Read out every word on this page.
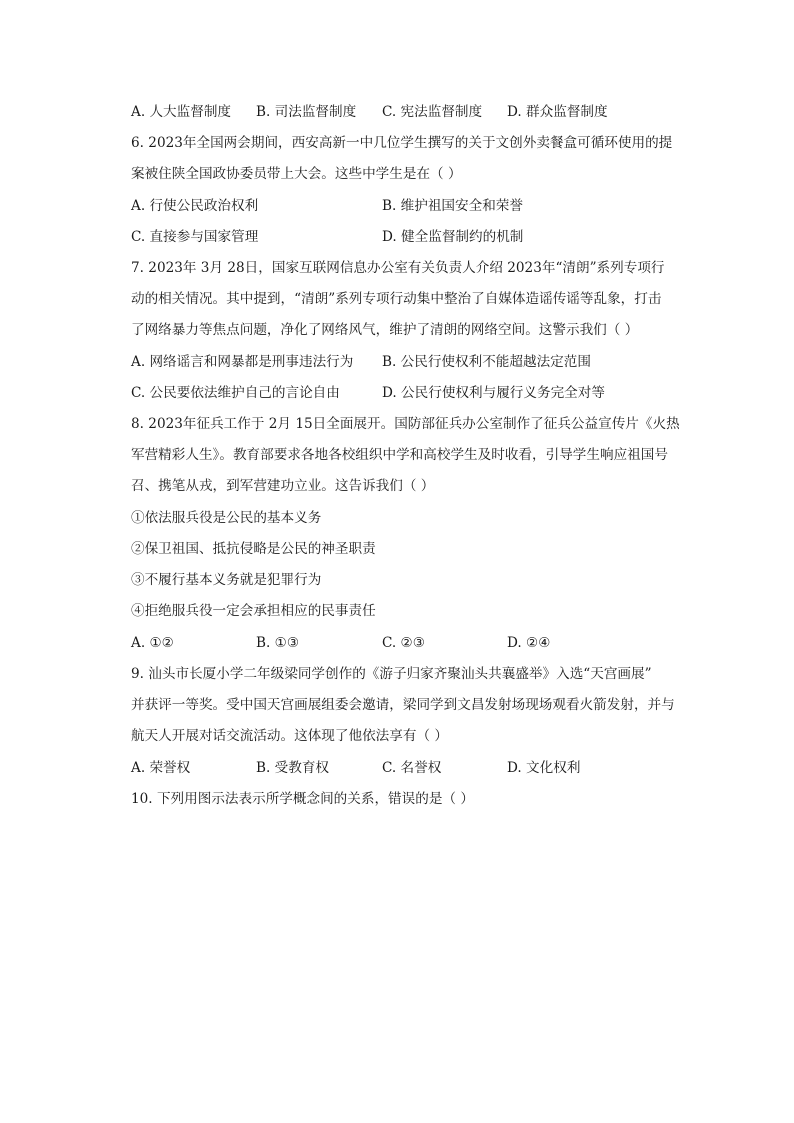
A. 人大监督制度 B. 司法监督制度 C. 宪法监督制度 D. 群众监督制度
6. 2023年全国两会期间，西安高新一中几位学生撰写的关于文创外卖餐盒可循环使用的提
案被住陕全国政协委员带上大会。这些中学生是在（ ）
A. 行使公民政治权利	B. 维护祖国安全和荣誉
C. 直接参与国家管理	D. 健全监督制约的机制
7. 2023年 3月 28日，国家互联网信息办公室有关负责人介绍 2023年“清朗”系列专项行
动的相关情况。其中提到，“清朗”系列专项行动集中整治了自媒体造谣传谣等乱象，打击
了网络暴力等焦点问题，净化了网络风气，维护了清朗的网络空间。这警示我们（ ）
A. 网络谣言和网暴都是刑事违法行为 B. 公民行使权利不能超越法定范围
C. 公民要依法维护自己的言论自由	D. 公民行使权利与履行义务完全对等
8. 2023年征兵工作于 2月 15日全面展开。国防部征兵办公室制作了征兵公益宣传片《火热
军营精彩人生》。教育部要求各地各校组织中学和高校学生及时收看，引导学生响应祖国号
召、携笔从戎，到军营建功立业。这告诉我们（ ）
①依法服兵役是公民的基本义务
②保卫祖国、抵抗侵略是公民的神圣职责
③不履行基本义务就是犯罪行为
④拒绝服兵役一定会承担相应的民事责任
A. ①②	B. ①③	C. ②③	D. ②④
9. 汕头市长厦小学二年级梁同学创作的《游子归家齐聚汕头共襄盛举》入选“天宫画展”
并获评一等奖。受中国天宫画展组委会邀请，梁同学到文昌发射场现场观看火箭发射，并与
航天人开展对话交流活动。这体现了他依法享有（ ）
A. 荣誉权	B. 受教育权	C. 名誉权	D. 文化权利
10. 下列用图示法表示所学概念间的关系，错误的是（ ）
